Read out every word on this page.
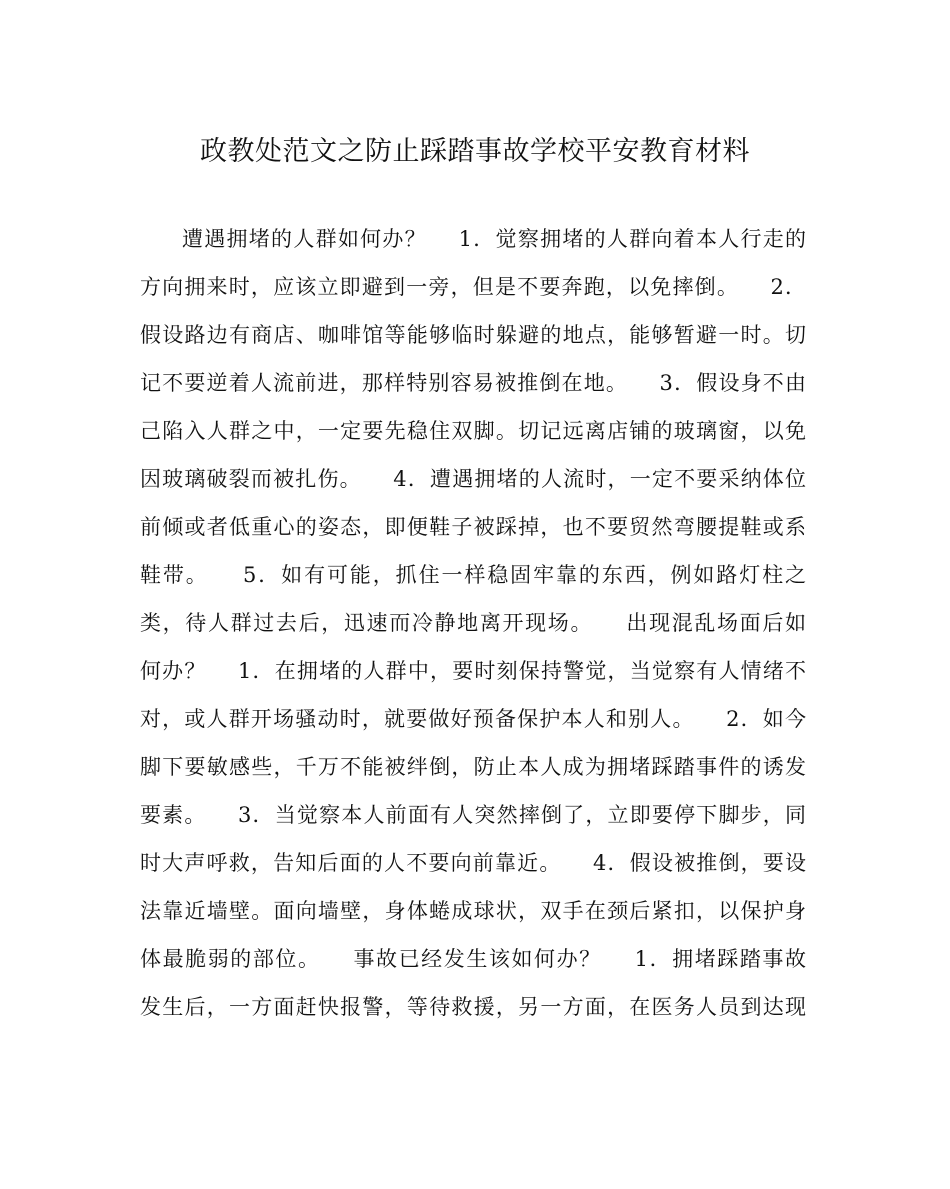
政教处范文之防止踩踏事故学校平安教育材料
遭遇拥堵的人群如何办？    1．觉察拥堵的人群向着本人行走的
方向拥来时，应该立即避到一旁，但是不要奔跑，以免摔倒。    2．
假设路边有商店、咖啡馆等能够临时躲避的地点，能够暂避一时。切
记不要逆着人流前进，那样特别容易被推倒在地。    3．假设身不由
己陷入人群之中，一定要先稳住双脚。切记远离店铺的玻璃窗，以免
因玻璃破裂而被扎伤。    4．遭遇拥堵的人流时，一定不要采纳体位
前倾或者低重心的姿态，即便鞋子被踩掉，也不要贸然弯腰提鞋或系
鞋带。    5．如有可能，抓住一样稳固牢靠的东西，例如路灯柱之
类，待人群过去后，迅速而冷静地离开现场。    出现混乱场面后如
何办？    1．在拥堵的人群中，要时刻保持警觉，当觉察有人情绪不
对，或人群开场骚动时，就要做好预备保护本人和别人。    2．如今
脚下要敏感些，千万不能被绊倒，防止本人成为拥堵踩踏事件的诱发
要素。    3．当觉察本人前面有人突然摔倒了，立即要停下脚步，同
时大声呼救，告知后面的人不要向前靠近。    4．假设被推倒，要设
法靠近墙壁。面向墙壁，身体蜷成球状，双手在颈后紧扣，以保护身
体最脆弱的部位。    事故已经发生该如何办？    1．拥堵踩踏事故
发生后，一方面赶快报警，等待救援，另一方面，在医务人员到达现
